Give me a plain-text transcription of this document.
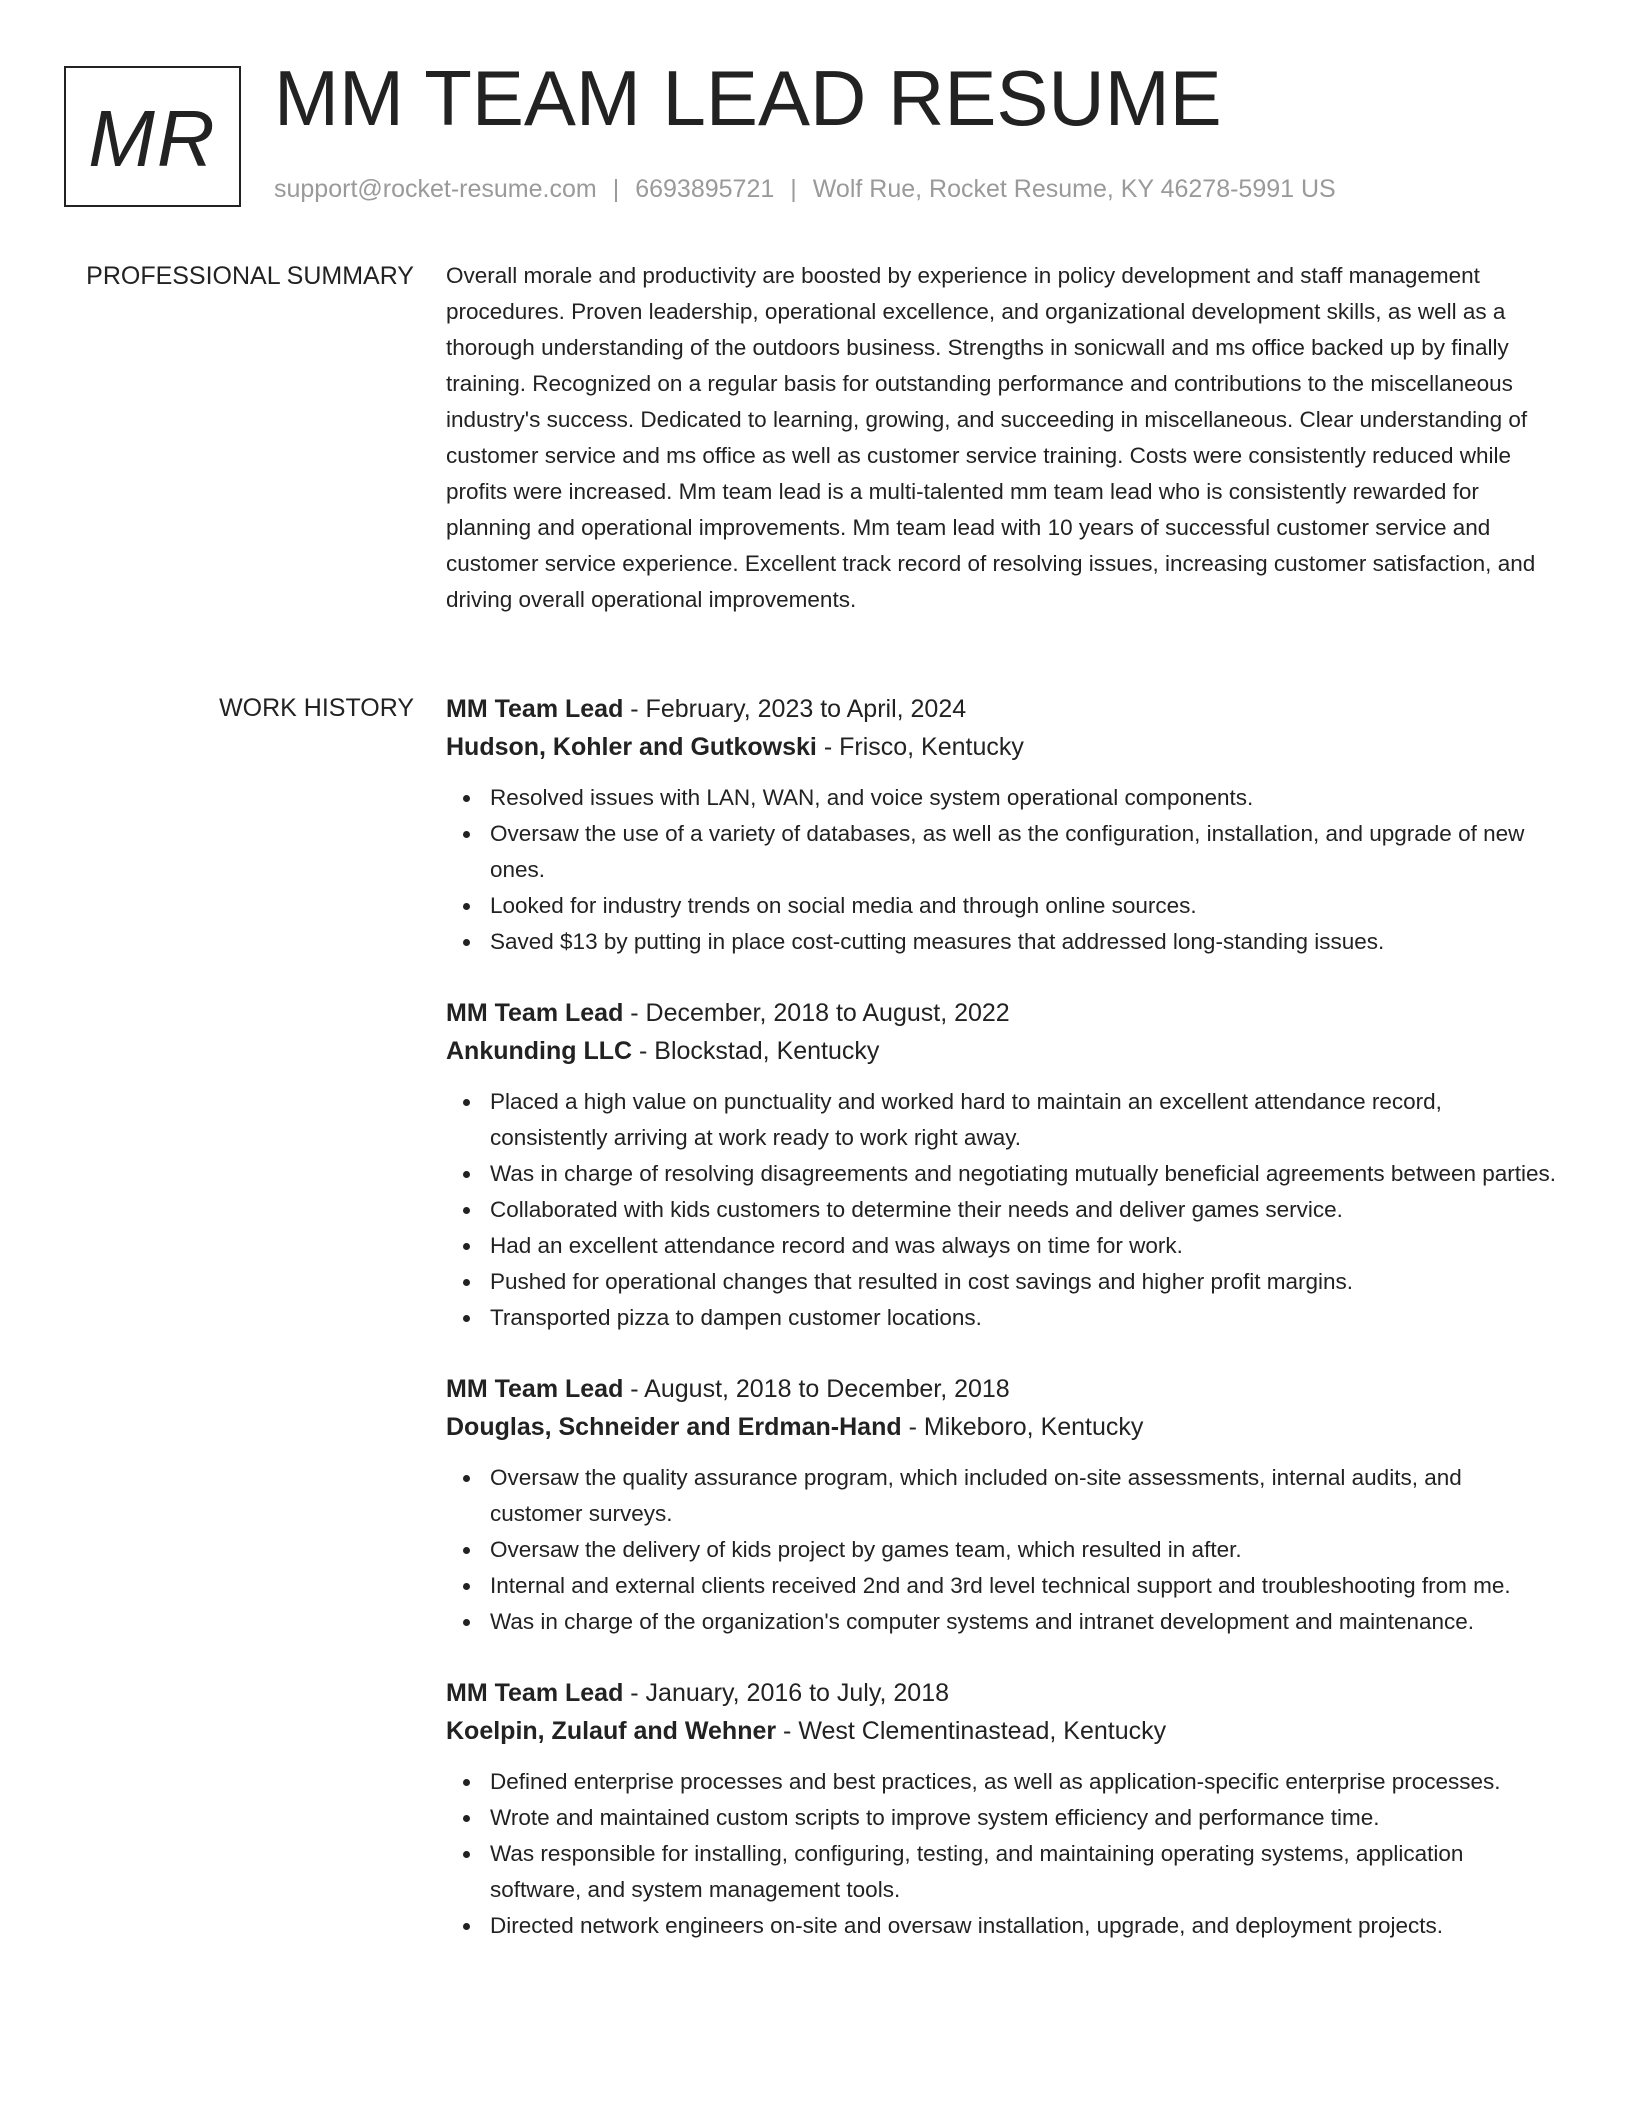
MR MM TEAM LEAD RESUME
support@rocket-resume.com | 6693895721 | Wolf Rue, Rocket Resume, KY 46278-5991 US
PROFESSIONAL SUMMARY Overall morale and productivity are boosted by experience in policy development and staff management procedures. Proven leadership, operational excellence, and organizational development skills, as well as a thorough understanding of the outdoors business. Strengths in sonicwall and ms office backed up by finally training. Recognized on a regular basis for outstanding performance and contributions to the miscellaneous industry's success. Dedicated to learning, growing, and succeeding in miscellaneous. Clear understanding of customer service and ms office as well as customer service training. Costs were consistently reduced while profits were increased. Mm team lead is a multi-talented mm team lead who is consistently rewarded for planning and operational improvements. Mm team lead with 10 years of successful customer service and customer service experience. Excellent track record of resolving issues, increasing customer satisfaction, and driving overall operational improvements.

WORK HISTORY MM Team Lead - February, 2023 to April, 2024
Hudson, Kohler and Gutkowski - Frisco, Kentucky
Resolved issues with LAN, WAN, and voice system operational components.
Oversaw the use of a variety of databases, as well as the configuration, installation, and upgrade of new ones.
Looked for industry trends on social media and through online sources.
Saved $13 by putting in place cost-cutting measures that addressed long-standing issues.
MM Team Lead - December, 2018 to August, 2022
Ankunding LLC - Blockstad, Kentucky
Placed a high value on punctuality and worked hard to maintain an excellent attendance record, consistently arriving at work ready to work right away.
Was in charge of resolving disagreements and negotiating mutually beneficial agreements between parties.
Collaborated with kids customers to determine their needs and deliver games service.
Had an excellent attendance record and was always on time for work.
Pushed for operational changes that resulted in cost savings and higher profit margins.
Transported pizza to dampen customer locations.
MM Team Lead - August, 2018 to December, 2018
Douglas, Schneider and Erdman-Hand - Mikeboro, Kentucky
Oversaw the quality assurance program, which included on-site assessments, internal audits, and customer surveys.
Oversaw the delivery of kids project by games team, which resulted in after.
Internal and external clients received 2nd and 3rd level technical support and troubleshooting from me.
Was in charge of the organization's computer systems and intranet development and maintenance.
MM Team Lead - January, 2016 to July, 2018
Koelpin, Zulauf and Wehner - West Clementinastead, Kentucky
Defined enterprise processes and best practices, as well as application-specific enterprise processes.
Wrote and maintained custom scripts to improve system efficiency and performance time.
Was responsible for installing, configuring, testing, and maintaining operating systems, application software, and system management tools.
Directed network engineers on-site and oversaw installation, upgrade, and deployment projects.
